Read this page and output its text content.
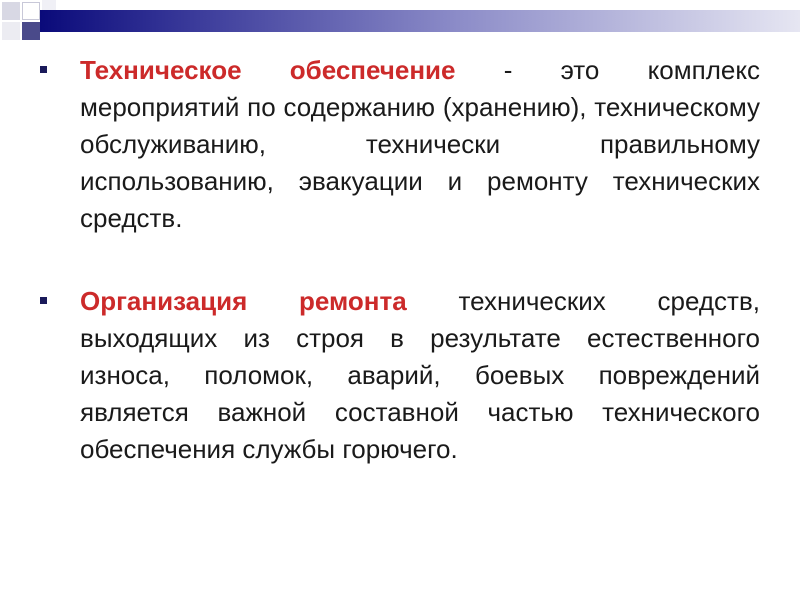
Техническое обеспечение - это комплекс мероприятий по содержанию (хранению), техническому обслуживанию, технически правильному использованию, эвакуации и ремонту технических средств.

Организация ремонта технических средств, выходящих из строя в результате естественного износа, поломок, аварий, боевых повреждений является важной составной частью технического обеспечения службы горючего.
